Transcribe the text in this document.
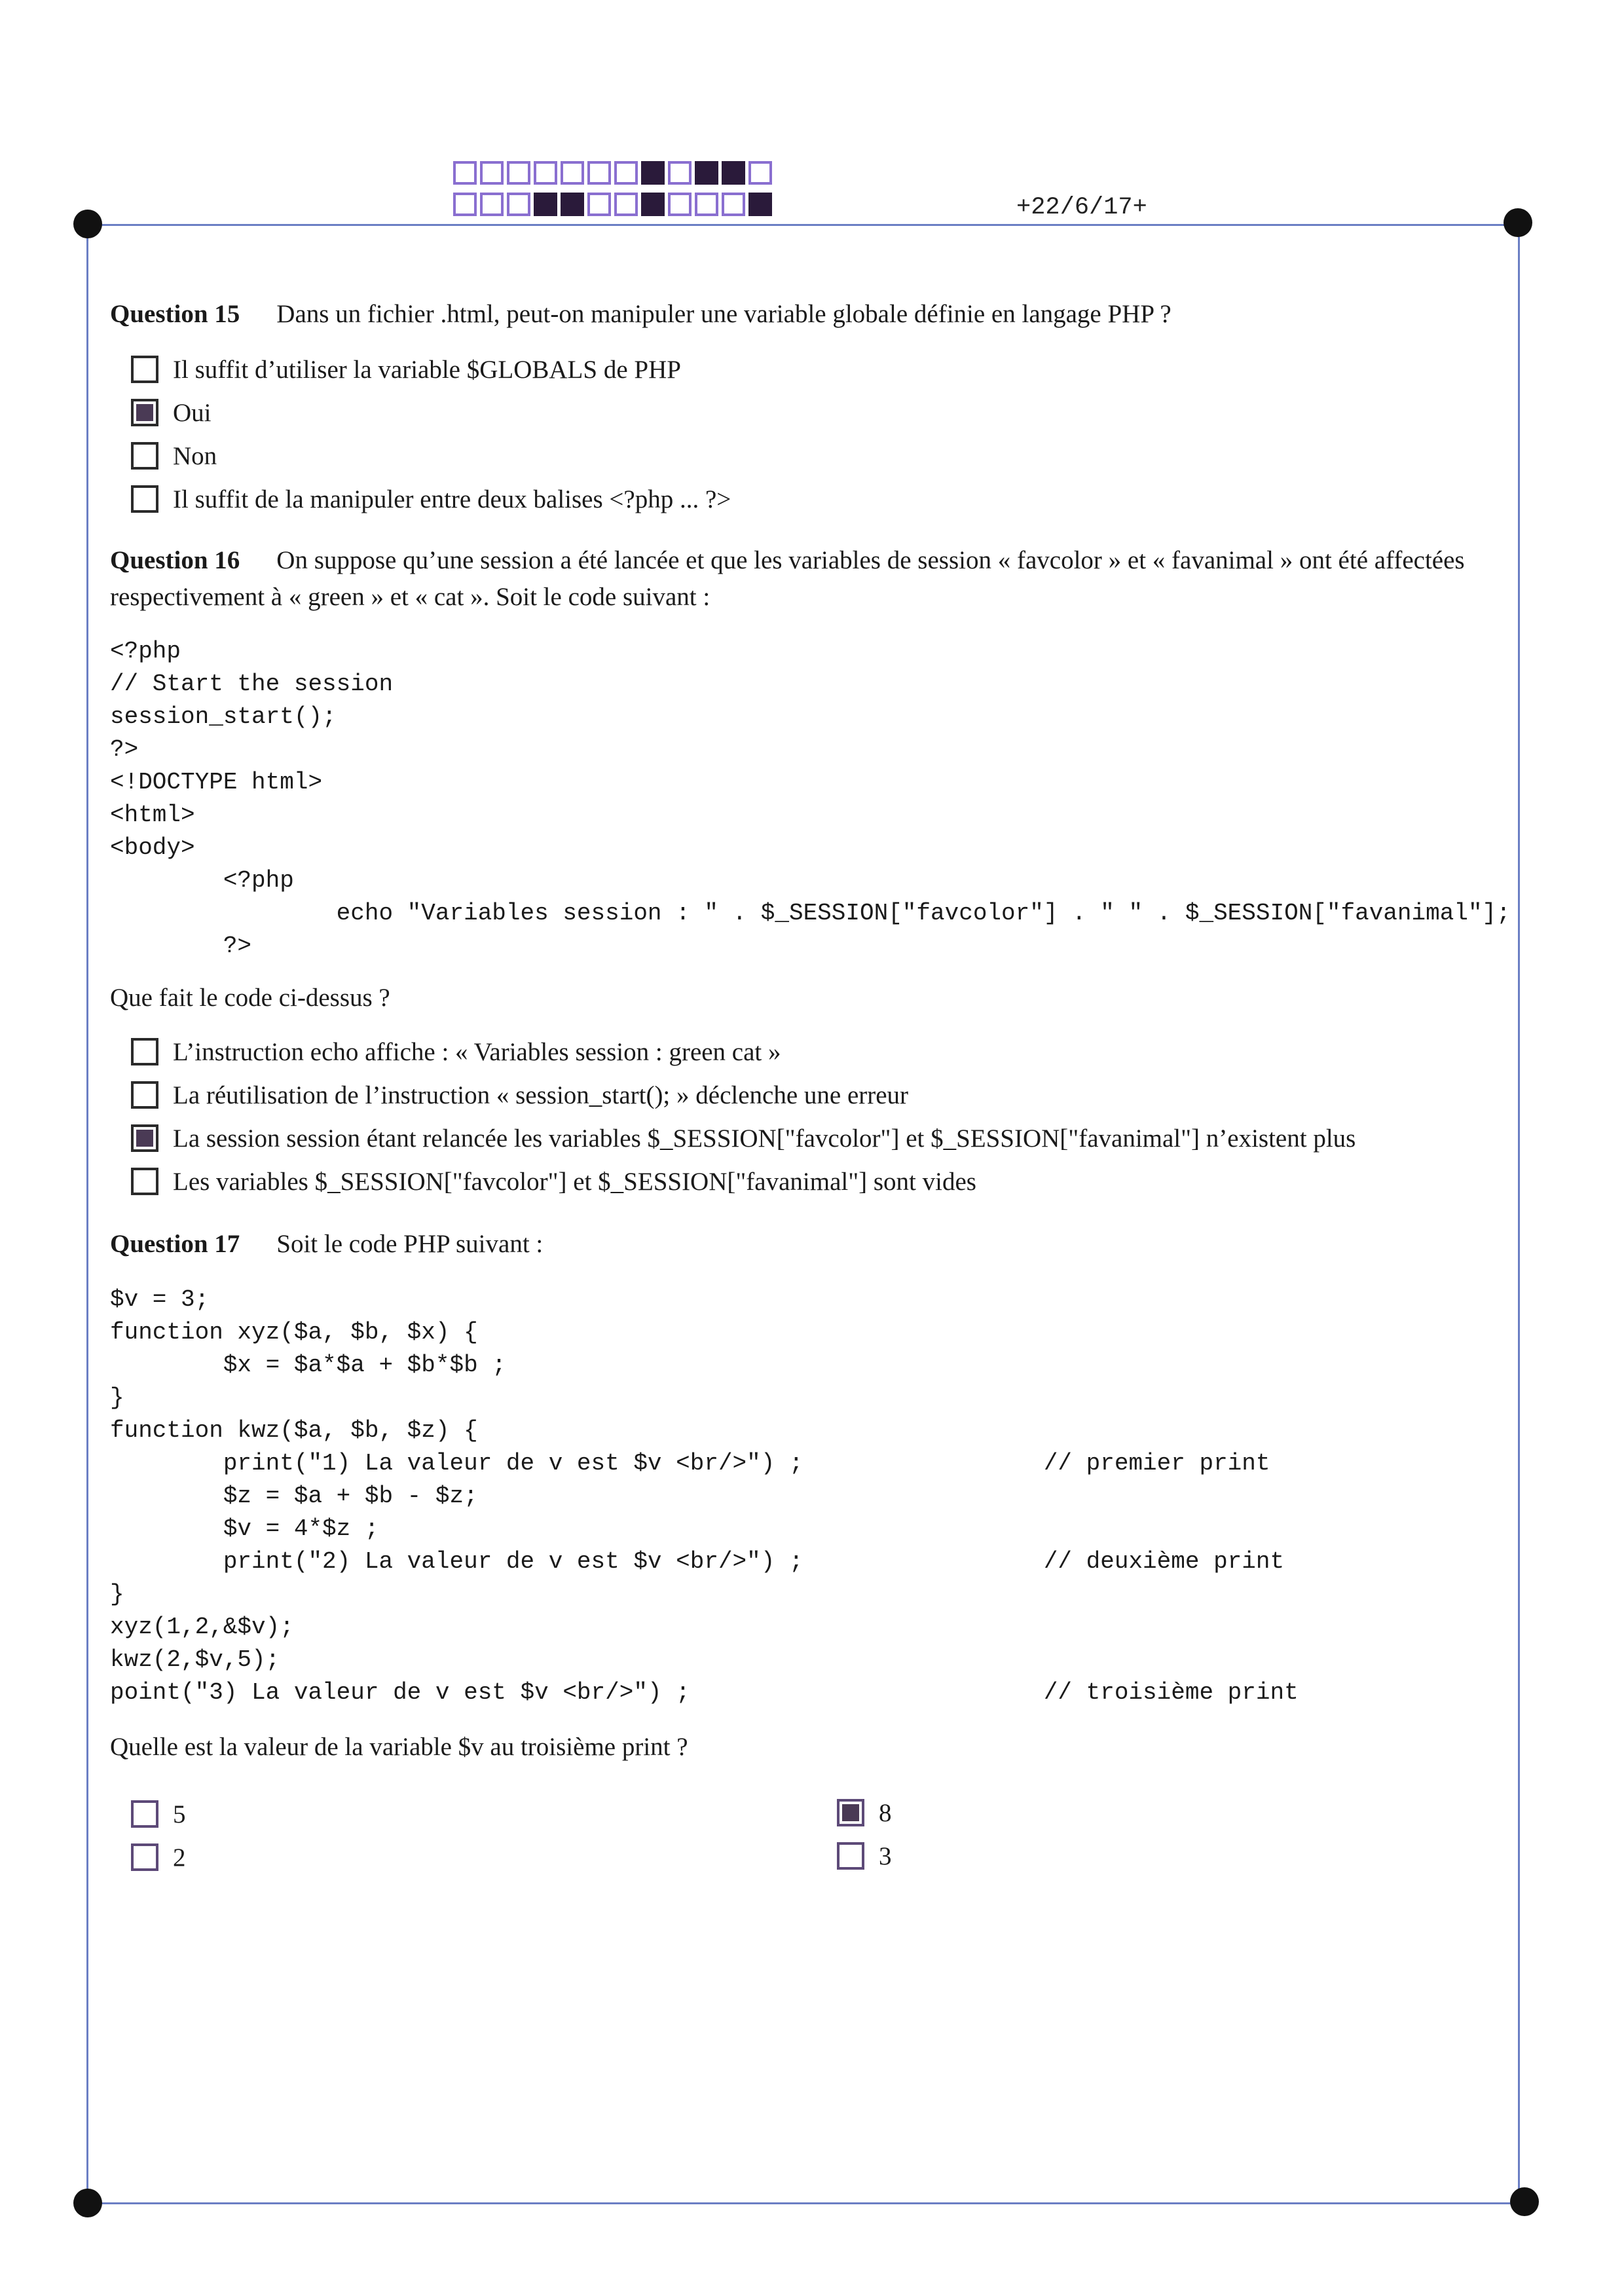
+22/6/17+
Question 15 Dans un fichier .html, peut-on manipuler une variable globale définie en langage PHP ?
Il suffit d’utiliser la variable $GLOBALS de PHP
Oui
Non
Il suffit de la manipuler entre deux balises <?php ... ?>
Question 16 On suppose qu’une session a été lancée et que les variables de session « favcolor » et « favanimal » ont été affectées respectivement à « green » et « cat ». Soit le code suivant :
<?php
// Start the session
session_start();
?>
<!DOCTYPE html>
<html>
<body>
<?php
echo "Variables session : " . $_SESSION["favcolor"] . " " . $_SESSION["favanimal"];
?>
Que fait le code ci-dessus ?
L’instruction echo affiche : « Variables session : green cat »
La réutilisation de l’instruction « session_start(); » déclenche une erreur
La session session étant relancée les variables $_SESSION["favcolor"] et $_SESSION["favanimal"] n’existent plus
Les variables $_SESSION["favcolor"] et $_SESSION["favanimal"] sont vides
Question 17 Soit le code PHP suivant :
$v = 3;
function xyz($a, $b, $x) {
$x = $a*$a + $b*$b ;
}
function kwz($a, $b, $z) {
print("1) La valeur de v est $v <br/>") ;                 // premier print
$z = $a + $b - $z;
$v = 4*$z ;
print("2) La valeur de v est $v <br/>") ;                 // deuxième print
}
xyz(1,2,&$v);
kwz(2,$v,5);
point("3) La valeur de v est $v <br/>") ;                         // troisième print
Quelle est la valeur de la variable $v au troisième print ?
5
2
8
3
